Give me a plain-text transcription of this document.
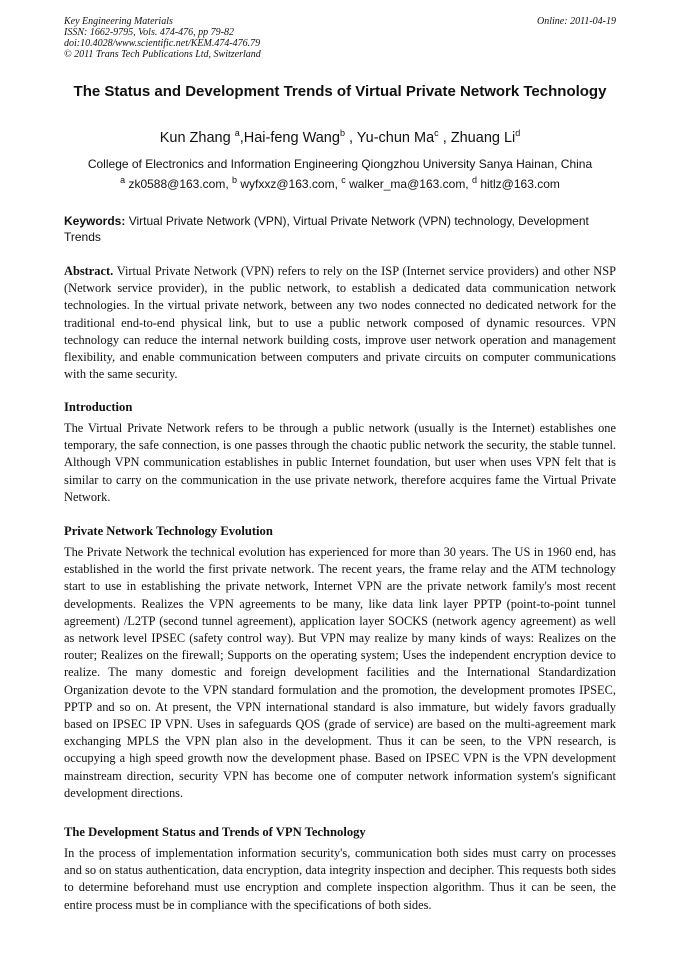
Key Engineering Materials
ISSN: 1662-9795, Vols. 474-476, pp 79-82
doi:10.4028/www.scientific.net/KEM.474-476.79
© 2011 Trans Tech Publications Ltd, Switzerland
Online: 2011-04-19
The Status and Development Trends of Virtual Private Network Technology
Kun Zhang $^a$,Hai-feng Wang$^b$ , Yu-chun Ma$^c$ , Zhuang Li$^d$
College of Electronics and Information Engineering Qiongzhou University Sanya Hainan, China
$^a$ zk0588@163.com, $^b$ wyfxxz@163.com, $^c$ walker_ma@163.com, $^d$ hitlz@163.com
Keywords: Virtual Private Network (VPN), Virtual Private Network (VPN) technology, Development Trends

Abstract. Virtual Private Network (VPN) refers to rely on the ISP (Internet service providers) and other NSP (Network service provider), in the public network, to establish a dedicated data communication network technologies. In the virtual private network, between any two nodes connected no dedicated network for the traditional end-to-end physical link, but to use a public network composed of dynamic resources. VPN technology can reduce the internal network building costs, improve user network operation and management flexibility, and enable communication between computers and private circuits on computer communications with the same security.

Introduction

The Virtual Private Network refers to be through a public network (usually is the Internet) establishes one temporary, the safe connection, is one passes through the chaotic public network the security, the stable tunnel. Although VPN communication establishes in public Internet foundation, but user when uses VPN felt that is similar to carry on the communication in the use private network, therefore acquires fame the Virtual Private Network.

Private Network Technology Evolution

The Private Network the technical evolution has experienced for more than 30 years. The US in 1960 end, has established in the world the first private network. The recent years, the frame relay and the ATM technology start to use in establishing the private network, Internet VPN are the private network family's most recent developments. Realizes the VPN agreements to be many, like data link layer PPTP (point-to-point tunnel agreement) /L2TP (second tunnel agreement), application layer SOCKS (network agency agreement) as well as network level IPSEC (safety control way). But VPN may realize by many kinds of ways: Realizes on the router; Realizes on the firewall; Supports on the operating system; Uses the independent encryption device to realize. The many domestic and foreign development facilities and the International Standardization Organization devote to the VPN standard formulation and the promotion, the development promotes IPSEC, PPTP and so on. At present, the VPN international standard is also immature, but widely favors gradually based on IPSEC IP VPN. Uses in safeguards QOS (grade of service) are based on the multi-agreement mark exchanging MPLS the VPN plan also in the development. Thus it can be seen, to the VPN research, is occupying a high speed growth now the development phase. Based on IPSEC VPN is the VPN development mainstream direction, security VPN has become one of computer network information system's significant development directions.

The Development Status and Trends of VPN Technology

In the process of implementation information security's, communication both sides must carry on processes and so on status authentication, data encryption, data integrity inspection and decipher. This requests both sides to determine beforehand must use encryption and complete inspection algorithm. Thus it can be seen, the entire process must be in compliance with the specifications of both sides.
